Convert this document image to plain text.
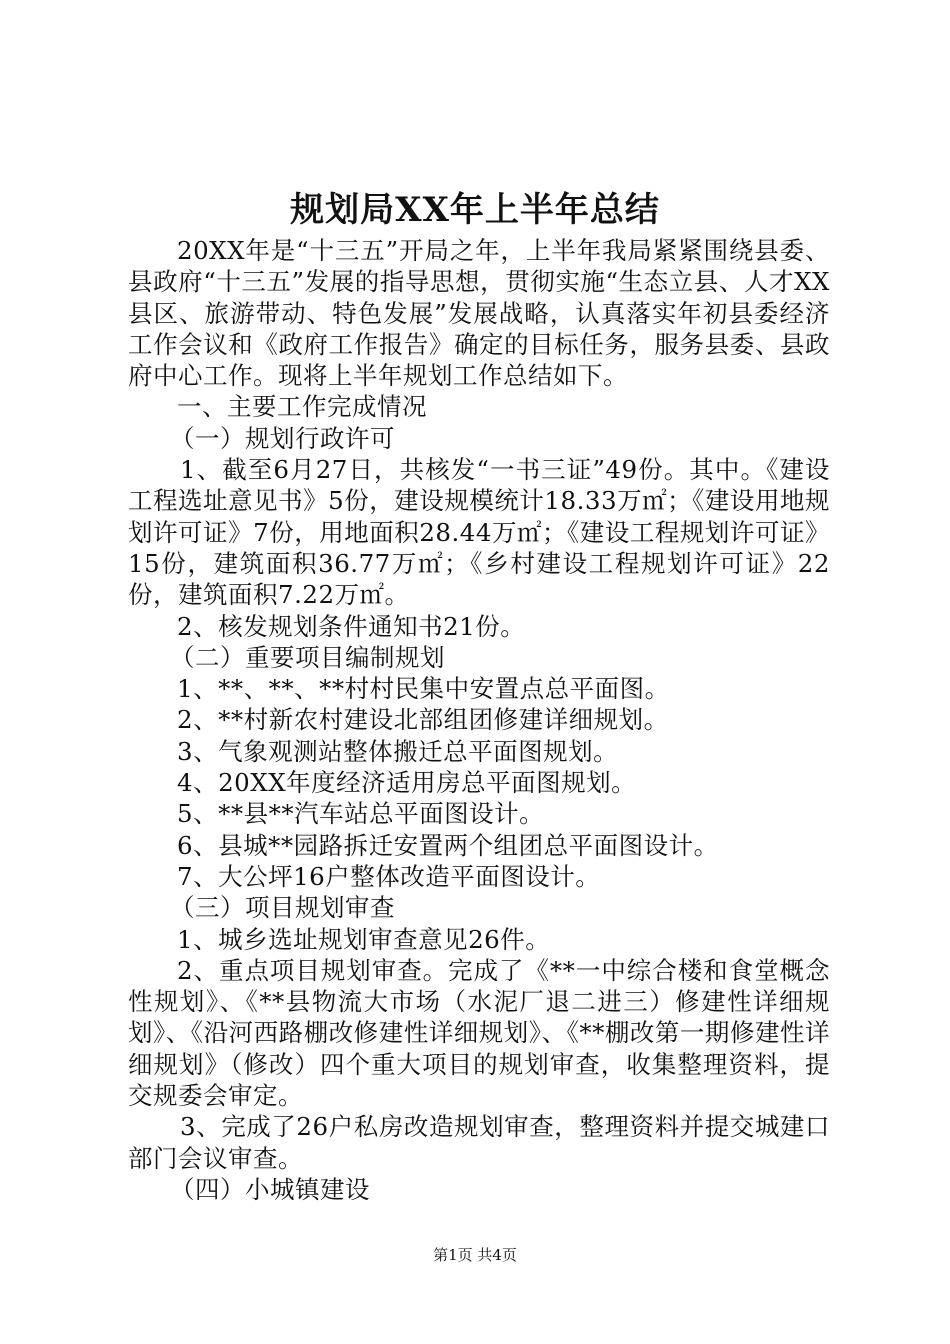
规划局XX年上半年总结

20XX年是“十三五”开局之年，上半年我局紧紧围绕县委、县政府“十三五”发展的指导思想，贯彻实施“生态立县、人才XX县区、旅游带动、特色发展”发展战略，认真落实年初县委经济工作会议和《政府工作报告》确定的目标任务，服务县委、县政府中心工作。现将上半年规划工作总结如下。

一、主要工作完成情况

（一）规划行政许可

1、截至6月27日，共核发“一书三证”49份。其中。《建设工程选址意见书》5份，建设规模统计18.33万㎡；《建设用地规划许可证》7份，用地面积28.44万㎡；《建设工程规划许可证》15份，建筑面积36.77万㎡；《乡村建设工程规划许可证》22份，建筑面积7.22万㎡。

2、核发规划条件通知书21份。

（二）重要项目编制规划

1、**、**、**村村民集中安置点总平面图。

2、**村新农村建设北部组团修建详细规划。

3、气象观测站整体搬迁总平面图规划。

4、20XX年度经济适用房总平面图规划。

5、**县**汽车站总平面图设计。

6、县城**园路拆迁安置两个组团总平面图设计。

7、大公坪16户整体改造平面图设计。

（三）项目规划审查

1、城乡选址规划审查意见26件。

2、重点项目规划审查。完成了《**一中综合楼和食堂概念性规划》、《**县物流大市场（水泥厂退二进三）修建性详细规划》、《沿河西路棚改修建性详细规划》、《**棚改第一期修建性详细规划》（修改）四个重大项目的规划审查，收集整理资料，提交规委会审定。

3、完成了26户私房改造规划审查，整理资料并提交城建口部门会议审查。

（四）小城镇建设

第1页 共4页
